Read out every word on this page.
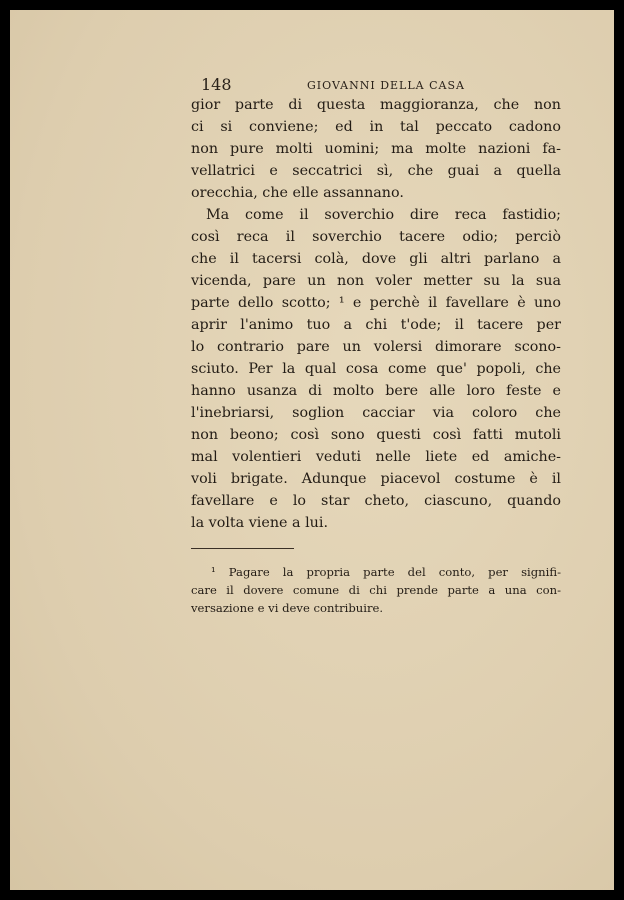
148	GIOVANNI DELLA CASA
gior parte di questa maggioranza, che non
ci si conviene; ed in tal peccato cadono
non pure molti uomini; ma molte nazioni fa-
vellatrici e seccatrici sì, che guai a quella
orecchia, che elle assannano.
Ma come il soverchio dire reca fastidio;
così reca il soverchio tacere odio; perciò
che il tacersi colà, dove gli altri parlano a
vicenda, pare un non voler metter su la sua
parte dello scotto; ¹ e perchè il favellare è uno
aprir l'animo tuo a chi t'ode; il tacere per
lo contrario pare un volersi dimorare scono-
sciuto. Per la qual cosa come que' popoli, che
hanno usanza di molto bere alle loro feste e
l'inebriarsi, soglion cacciar via coloro che
non beono; così sono questi così fatti mutoli
mal volentieri veduti nelle liete ed amiche-
voli brigate. Adunque piacevol costume è il
favellare e lo star cheto, ciascuno, quando
la volta viene a lui.
¹ Pagare la propria parte del conto, per signifi-
care il dovere comune di chi prende parte a una con-
versazione e vi deve contribuire.
